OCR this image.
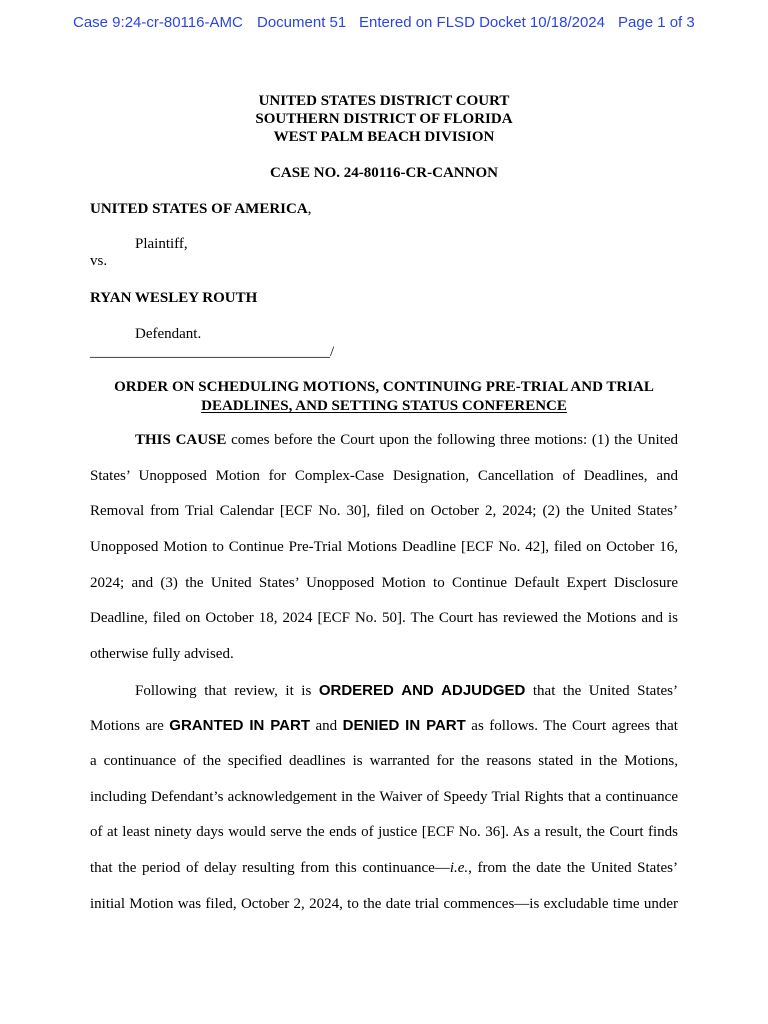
Case 9:24-cr-80116-AMC Document 51 Entered on FLSD Docket 10/18/2024 Page 1 of 3
UNITED STATES DISTRICT COURT
SOUTHERN DISTRICT OF FLORIDA
WEST PALM BEACH DIVISION
CASE NO. 24-80116-CR-CANNON
UNITED STATES OF AMERICA,
Plaintiff,
vs.
RYAN WESLEY ROUTH
Defendant.
________________________________/
ORDER ON SCHEDULING MOTIONS, CONTINUING PRE-TRIAL AND TRIAL
DEADLINES, AND SETTING STATUS CONFERENCE
THIS CAUSE comes before the Court upon the following three motions: (1) the United
States’ Unopposed Motion for Complex-Case Designation, Cancellation of Deadlines, and
Removal from Trial Calendar [ECF No. 30], filed on October 2, 2024; (2) the United States’
Unopposed Motion to Continue Pre-Trial Motions Deadline [ECF No. 42], filed on October 16,
2024; and (3) the United States’ Unopposed Motion to Continue Default Expert Disclosure
Deadline, filed on October 18, 2024 [ECF No. 50]. The Court has reviewed the Motions and is
otherwise fully advised.
Following that review, it is ORDERED AND ADJUDGED that the United States’
Motions are GRANTED IN PART and DENIED IN PART as follows. The Court agrees that
a continuance of the specified deadlines is warranted for the reasons stated in the Motions,
including Defendant’s acknowledgement in the Waiver of Speedy Trial Rights that a continuance
of at least ninety days would serve the ends of justice [ECF No. 36]. As a result, the Court finds
that the period of delay resulting from this continuance—i.e., from the date the United States’
initial Motion was filed, October 2, 2024, to the date trial commences—is excludable time under
